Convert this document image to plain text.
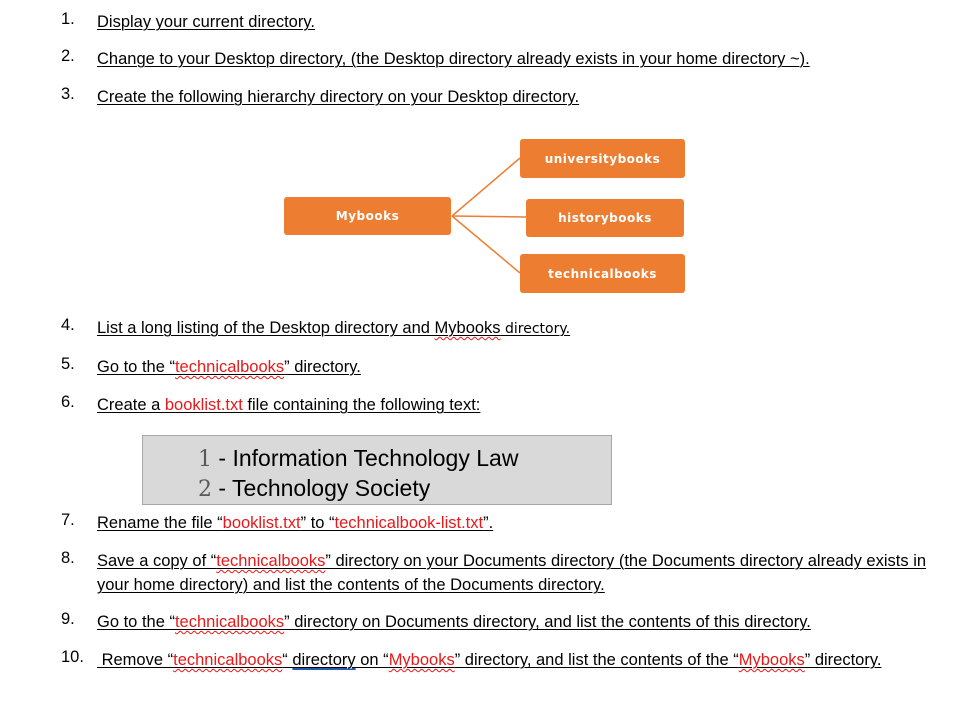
1. Display your current directory.
2. Change to your Desktop directory, (the Desktop directory already exists in your home directory ~).
3. Create the following hierarchy directory on your Desktop directory.
Mybooks
universitybooks
historybooks
technicalbooks
4. List a long listing of the Desktop directory and Mybooks directory.
5. Go to the “technicalbooks” directory.
6. Create a booklist.txt file containing the following text:
1 - Information Technology Law
2 - Technology Society
7. Rename the file “booklist.txt” to “technicalbook-list.txt”.
8. Save a copy of “technicalbooks” directory on your Documents directory (the Documents directory already exists in your home directory) and list the contents of the Documents directory.
9. Go to the “technicalbooks” directory on Documents directory, and list the contents of this directory.
10. Remove “technicalbooks“ directory on “Mybooks” directory, and list the contents of the “Mybooks” directory.
